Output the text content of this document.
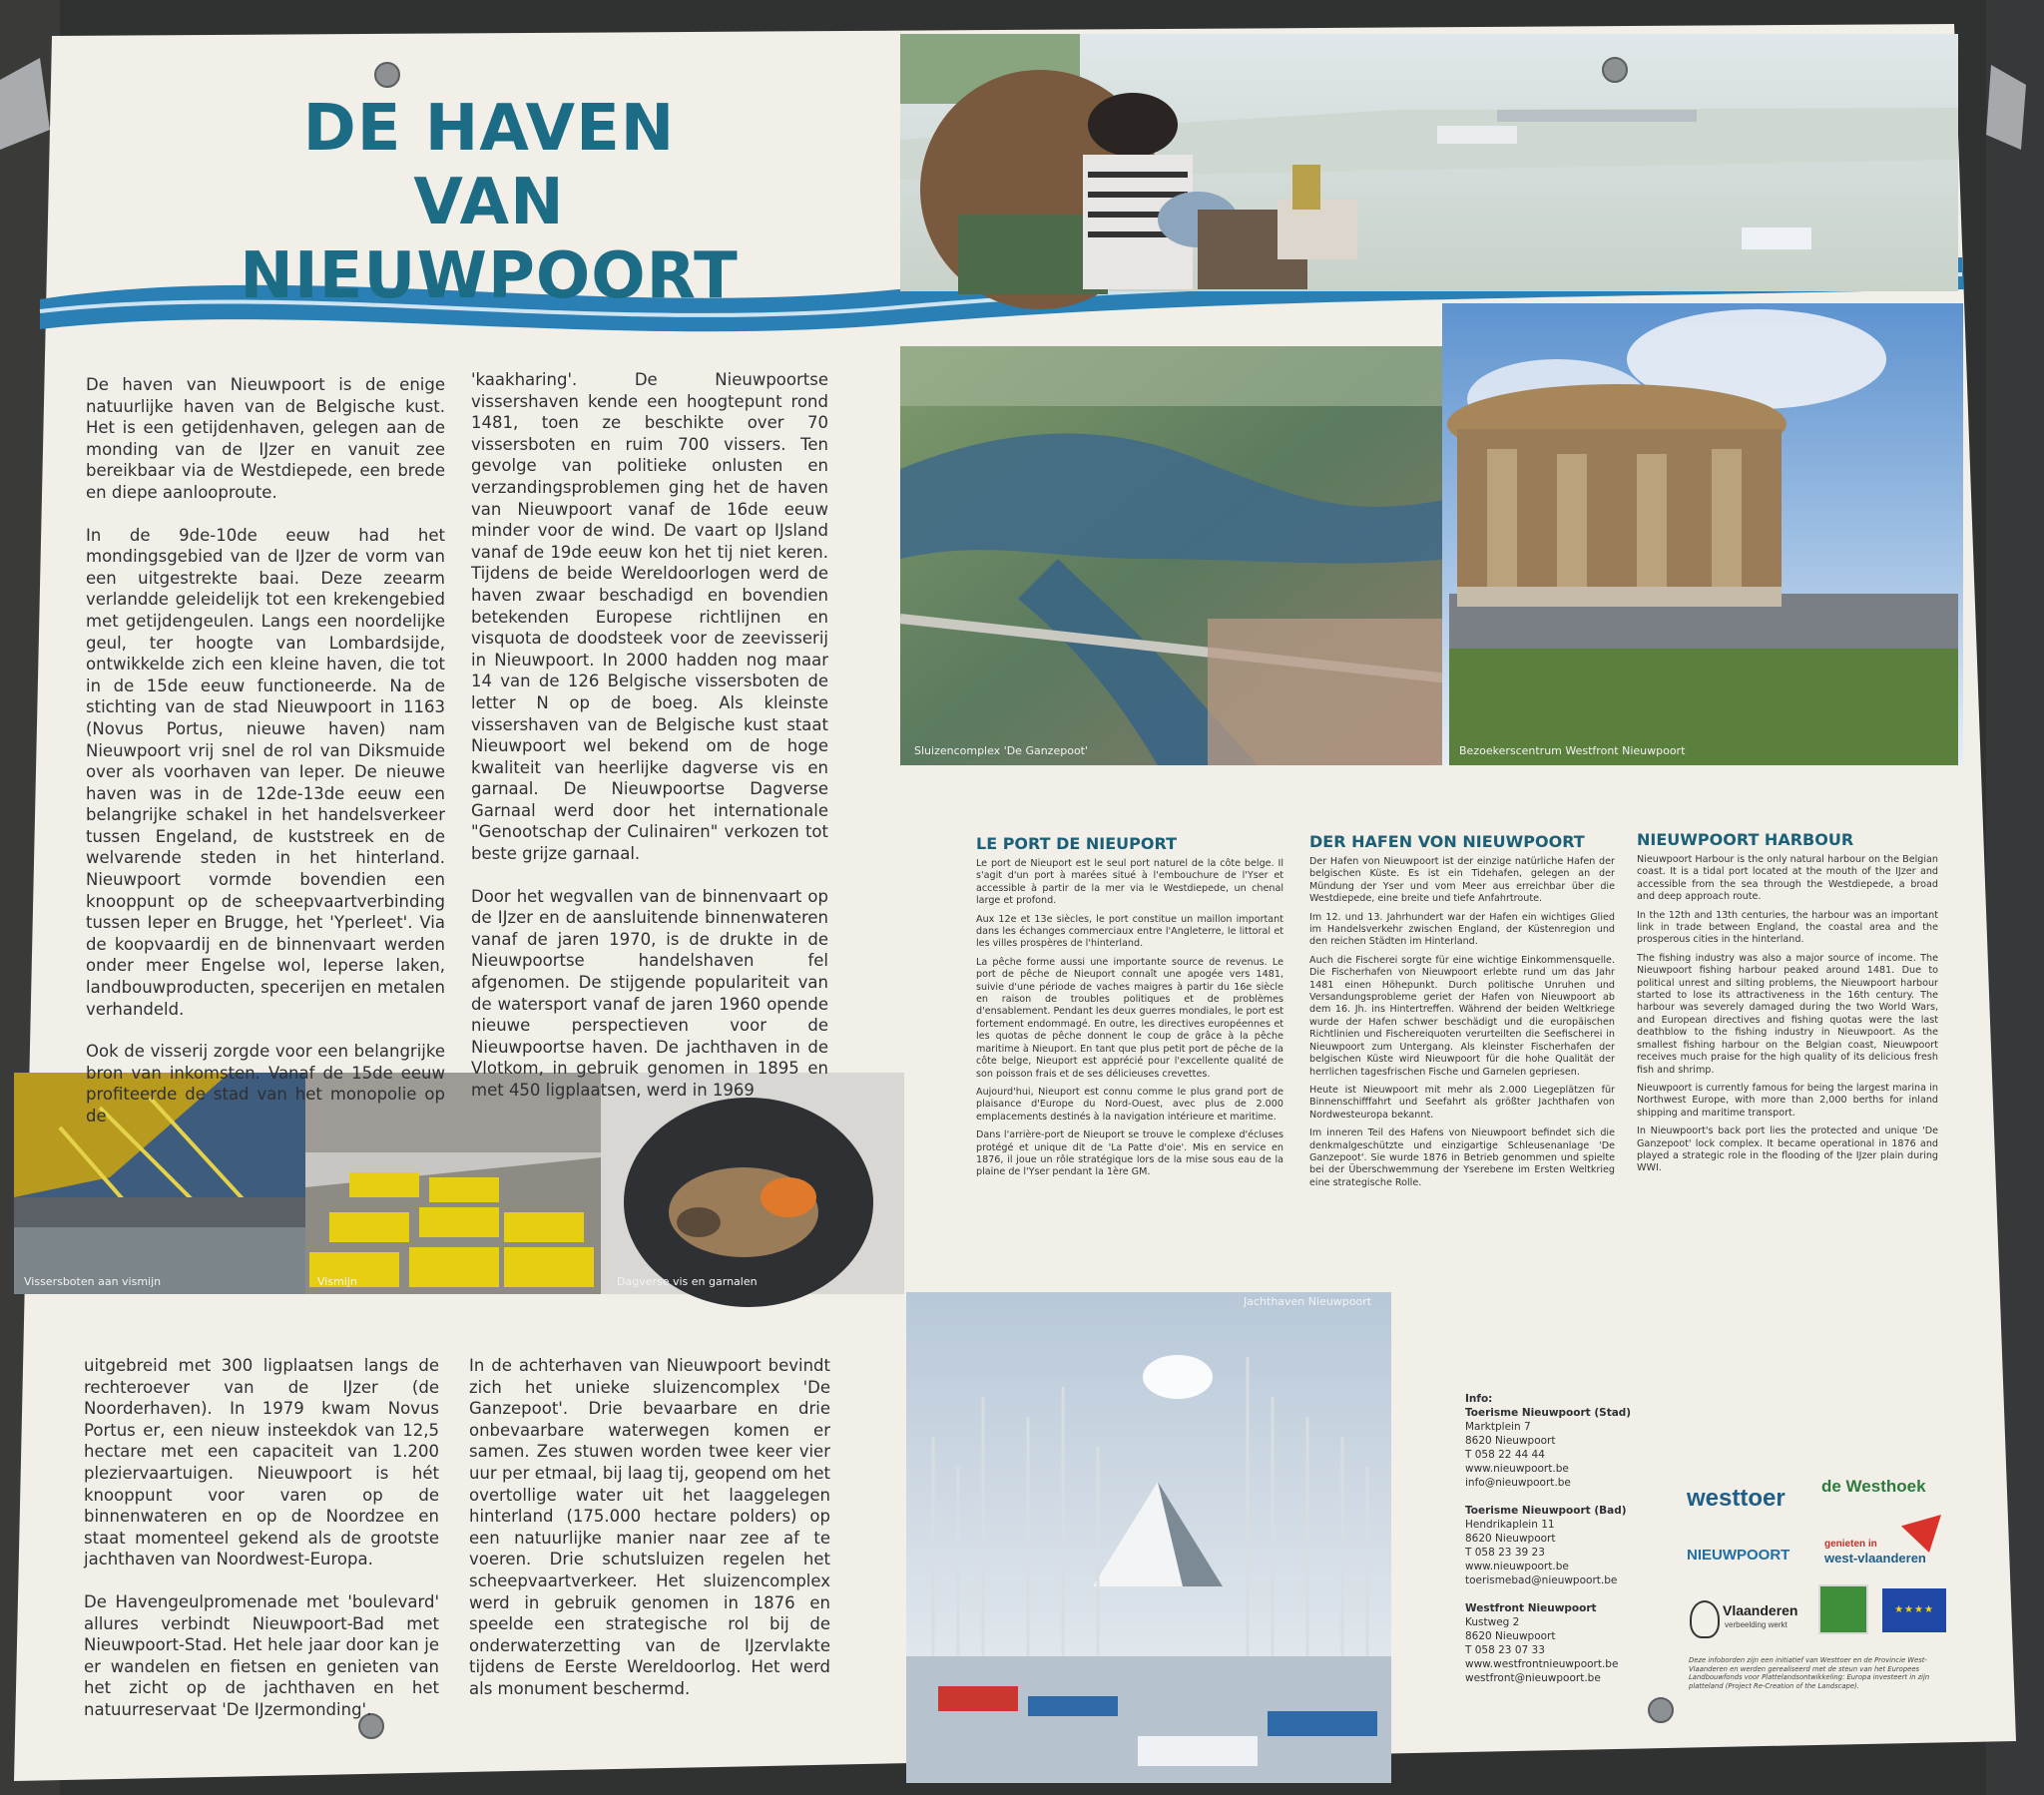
DE HAVEN VAN
NIEUWPOORT

De haven van Nieuwpoort is de enige natuurlijke haven van de Belgische kust. Het is een getijdenhaven, gelegen aan de monding van de IJzer en vanuit zee bereikbaar via de Westdiepede, een brede en diepe aanlooproute.

In de 9de-10de eeuw had het mondingsgebied van de IJzer de vorm van een uitgestrekte baai. Deze zeearm verlandde geleidelijk tot een krekengebied met getijdengeulen. Langs een noordelijke geul, ter hoogte van Lombardsijde, ontwikkelde zich een kleine haven, die tot in de 15de eeuw functioneerde. Na de stichting van de stad Nieuwpoort in 1163 (Novus Portus, nieuwe haven) nam Nieuwpoort vrij snel de rol van Diksmuide over als voorhaven van Ieper. De nieuwe haven was in de 12de-13de eeuw een belangrijke schakel in het handelsverkeer tussen Engeland, de kuststreek en de welvarende steden in het hinterland. Nieuwpoort vormde bovendien een knooppunt op de scheepvaartverbinding tussen Ieper en Brugge, het 'Yperleet'. Via de koopvaardij en de binnenvaart werden onder meer Engelse wol, Ieperse laken, landbouwproducten, specerijen en metalen verhandeld.

Ook de visserij zorgde voor een belangrijke bron van inkomsten. Vanaf de 15de eeuw profiteerde de stad van het monopolie op de

'kaakharing'. De Nieuwpoortse vissershaven kende een hoogtepunt rond 1481, toen ze beschikte over 70 vissersboten en ruim 700 vissers. Ten gevolge van politieke onlusten en verzandingsproblemen ging het de haven van Nieuwpoort vanaf de 16de eeuw minder voor de wind. De vaart op IJsland vanaf de 19de eeuw kon het tij niet keren. Tijdens de beide Wereldoorlogen werd de haven zwaar beschadigd en bovendien betekenden Europese richtlijnen en visquota de doodsteek voor de zeevisserij in Nieuwpoort. In 2000 hadden nog maar 14 van de 126 Belgische vissersboten de letter N op de boeg. Als kleinste vissershaven van de Belgische kust staat Nieuwpoort wel bekend om de hoge kwaliteit van heerlijke dagverse vis en garnaal. De Nieuwpoortse Dagverse Garnaal werd door het internationale "Genootschap der Culinairen" verkozen tot beste grijze garnaal.

Door het wegvallen van de binnenvaart op de IJzer en de aansluitende binnenwateren vanaf de jaren 1970, is de drukte in de Nieuwpoortse handelshaven fel afgenomen. De stijgende populariteit van de watersport vanaf de jaren 1960 opende nieuwe perspectieven voor de Nieuwpoortse haven. De jachthaven in de Vlotkom, in gebruik genomen in 1895 en met 450 ligplaatsen, werd in 1969

uitgebreid met 300 ligplaatsen langs de rechteroever van de IJzer (de Noorderhaven). In 1979 kwam Novus Portus er, een nieuw insteekdok van 12,5 hectare met een capaciteit van 1.200 pleziervaartuigen. Nieuwpoort is hét knooppunt voor varen op de binnenwateren en op de Noordzee en staat momenteel gekend als de grootste jachthaven van Noordwest-Europa.

De Havengeulpromenade met 'boulevard' allures verbindt Nieuwpoort-Bad met Nieuwpoort-Stad. Het hele jaar door kan je er wandelen en fietsen en genieten van het zicht op de jachthaven en het natuurreservaat 'De IJzermonding'.

In de achterhaven van Nieuwpoort bevindt zich het unieke sluizencomplex 'De Ganzepoot'. Drie bevaarbare en drie onbevaarbare waterwegen komen er samen. Zes stuwen worden twee keer vier uur per etmaal, bij laag tij, geopend om het overtollige water uit het laaggelegen hinterland (175.000 hectare polders) op een natuurlijke manier naar zee af te voeren. Drie schutsluizen regelen het scheepvaartverkeer. Het sluizencomplex werd in gebruik genomen in 1876 en speelde een strategische rol bij de onderwaterzetting van de IJzervlakte tijdens de Eerste Wereldoorlog. Het werd als monument beschermd.

Sluizencomplex 'De Ganzepoot'	Bezoekerscentrum Westfront Nieuwpoort
Vissersboten aan vismijn	Vismijn	Dagverse vis en garnalen
Jachthaven Nieuwpoort
LE PORT DE NIEUPORT

Le port de Nieuport est le seul port naturel de la côte belge. Il s'agit d'un port à marées situé à l'embouchure de l'Yser et accessible à partir de la mer via le Westdiepede, un chenal large et profond.

Aux 12e et 13e siècles, le port constitue un maillon important dans les échanges commerciaux entre l'Angleterre, le littoral et les villes prospères de l'hinterland.

La pêche forme aussi une importante source de revenus. Le port de pêche de Nieuport connaît une apogée vers 1481, suivie d'une période de vaches maigres à partir du 16e siècle en raison de troubles politiques et de problèmes d'ensablement. Pendant les deux guerres mondiales, le port est fortement endommagé. En outre, les directives européennes et les quotas de pêche donnent le coup de grâce à la pêche maritime à Nieuport. En tant que plus petit port de pêche de la côte belge, Nieuport est apprécié pour l'excellente qualité de son poisson frais et de ses délicieuses crevettes.

Aujourd'hui, Nieuport est connu comme le plus grand port de plaisance d'Europe du Nord-Ouest, avec plus de 2.000 emplacements destinés à la navigation intérieure et maritime.

Dans l'arrière-port de Nieuport se trouve le complexe d'écluses protégé et unique dit de 'La Patte d'oie'. Mis en service en 1876, il joue un rôle stratégique lors de la mise sous eau de la plaine de l'Yser pendant la 1ère GM.

DER HAFEN VON NIEUWPOORT

Der Hafen von Nieuwpoort ist der einzige natürliche Hafen der belgischen Küste. Es ist ein Tidehafen, gelegen an der Mündung der Yser und vom Meer aus erreichbar über die Westdiepede, eine breite und tiefe Anfahrtroute.

Im 12. und 13. Jahrhundert war der Hafen ein wichtiges Glied im Handelsverkehr zwischen England, der Küstenregion und den reichen Städten im Hinterland.

Auch die Fischerei sorgte für eine wichtige Einkommensquelle. Die Fischerhafen von Nieuwpoort erlebte rund um das Jahr 1481 einen Höhepunkt. Durch politische Unruhen und Versandungsprobleme geriet der Hafen von Nieuwpoort ab dem 16. Jh. ins Hintertreffen. Während der beiden Weltkriege wurde der Hafen schwer beschädigt und die europäischen Richtlinien und Fischereiquoten verurteilten die Seefischerei in Nieuwpoort zum Untergang. Als kleinster Fischerhafen der belgischen Küste wird Nieuwpoort für die hohe Qualität der herrlichen tagesfrischen Fische und Garnelen gepriesen.

Heute ist Nieuwpoort mit mehr als 2.000 Liegeplätzen für Binnenschifffahrt und Seefahrt als größter Jachthafen von Nordwesteuropa bekannt.

Im inneren Teil des Hafens von Nieuwpoort befindet sich die denkmalgeschützte und einzigartige Schleusenanlage 'De Ganzepoot'. Sie wurde 1876 in Betrieb genommen und spielte bei der Überschwemmung der Yserebene im Ersten Weltkrieg eine strategische Rolle.

NIEUWPOORT HARBOUR

Nieuwpoort Harbour is the only natural harbour on the Belgian coast. It is a tidal port located at the mouth of the IJzer and accessible from the sea through the Westdiepede, a broad and deep approach route.

In the 12th and 13th centuries, the harbour was an important link in trade between England, the coastal area and the prosperous cities in the hinterland.

The fishing industry was also a major source of income. The Nieuwpoort fishing harbour peaked around 1481. Due to political unrest and silting problems, the Nieuwpoort harbour started to lose its attractiveness in the 16th century. The harbour was severely damaged during the two World Wars, and European directives and fishing quotas were the last deathblow to the fishing industry in Nieuwpoort. As the smallest fishing harbour on the Belgian coast, Nieuwpoort receives much praise for the high quality of its delicious fresh fish and shrimp.

Nieuwpoort is currently famous for being the largest marina in Northwest Europe, with more than 2,000 berths for inland shipping and maritime transport.

In Nieuwpoort's back port lies the protected and unique 'De Ganzepoot' lock complex. It became operational in 1876 and played a strategic role in the flooding of the IJzer plain during WWI.

Info:

Toerisme Nieuwpoort (Stad)
Marktplein 7
8620 Nieuwpoort
T 058 22 44 44
www.nieuwpoort.be
info@nieuwpoort.be

Toerisme Nieuwpoort (Bad)
Hendrikaplein 11
8620 Nieuwpoort
T 058 23 39 23
www.nieuwpoort.be
toerismebad@nieuwpoort.be

Westfront Nieuwpoort
Kustweg 2
8620 Nieuwpoort
T 058 23 07 33
www.westfrontnieuwpoort.be
westfront@nieuwpoort.be

westtoer de Westhoek
NIEUWPOORT
genieten in
west-vlaanderen
Vlaanderen
verbeelding werkt
★★★★
Deze infoborden zijn een initiatief van Westtoer en de Provincie West-Vlaanderen en werden gerealiseerd met de steun van het Europees Landbouwfonds voor Plattelandsontwikkeling: Europa investeert in zijn platteland (Project Re-Creation of the Landscape).
